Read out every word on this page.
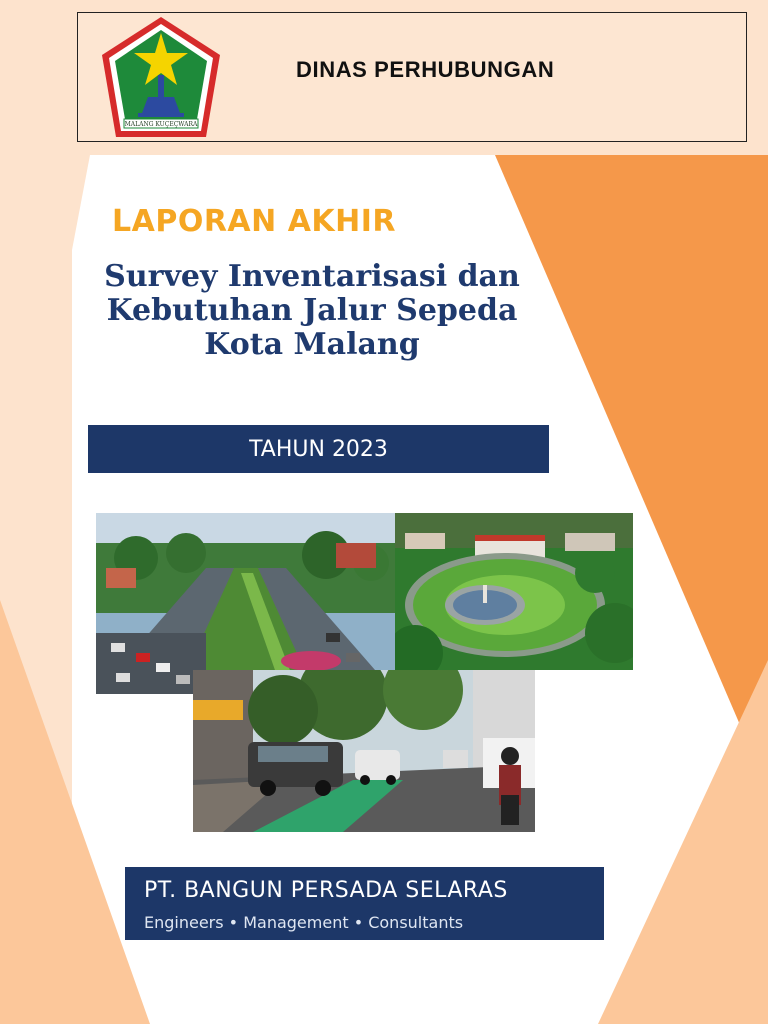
MALANG KUÇEÇWARA
DINAS PERHUBUNGAN
LAPORAN AKHIR
Survey Inventarisasi dan
Kebutuhan Jalur Sepeda
Kota Malang
TAHUN 2023
PT. BANGUN PERSADA SELARAS
Engineers • Management • Consultants
